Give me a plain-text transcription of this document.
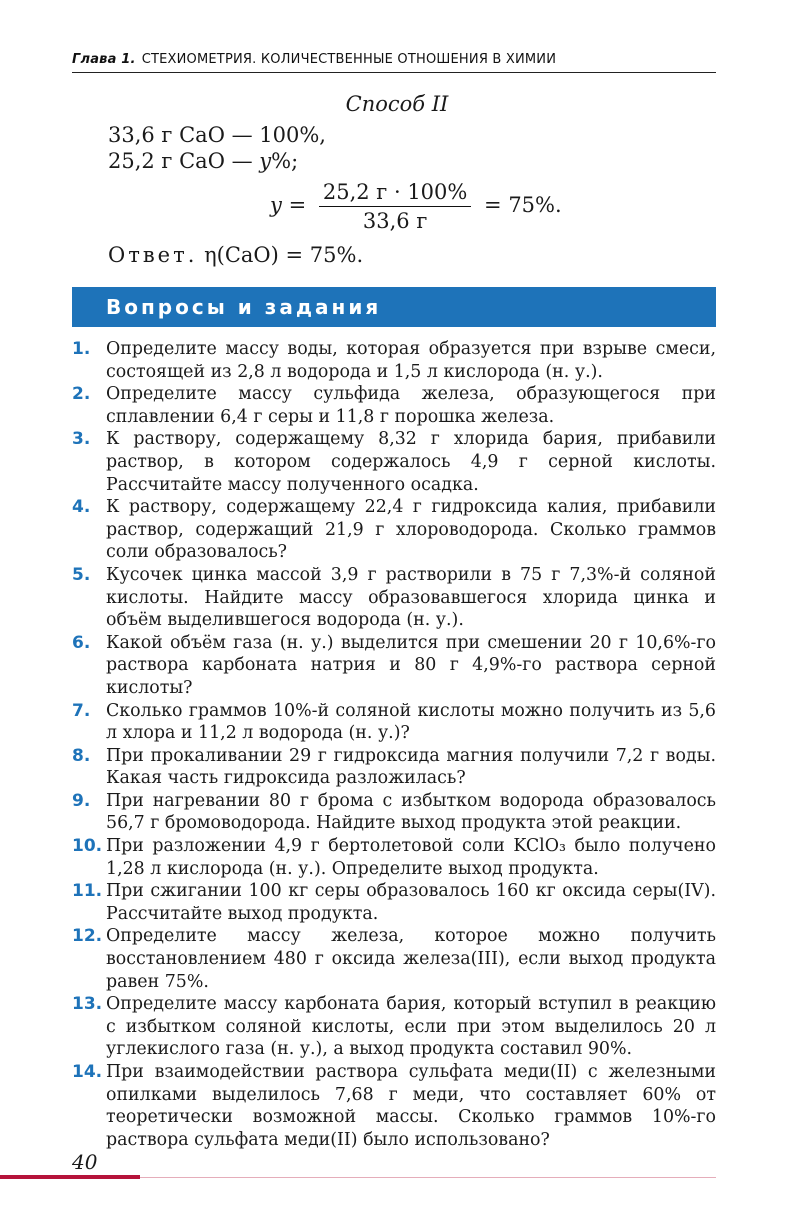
Глава 1. СТЕХИОМЕТРИЯ. КОЛИЧЕСТВЕННЫЕ ОТНОШЕНИЯ В ХИМИИ
Способ II
33,6 г CaO — 100%,
25,2 г CaO — y%;
$y = \frac{25,2 г \cdot 100\%}{33,6 г} = 75\%$.
Ответ. η(CaO) = 75%.
Вопросы и задания
1. Определите массу воды, которая образуется при взрыве смеси, состоящей из 2,8 л водорода и 1,5 л кислорода (н. у.).
2. Определите массу сульфида железа, образующегося при сплавлении 6,4 г серы и 11,8 г порошка железа.
3. К раствору, содержащему 8,32 г хлорида бария, прибавили раствор, в котором содержалось 4,9 г серной кислоты. Рассчитайте массу полученного осадка.
4. К раствору, содержащему 22,4 г гидроксида калия, прибавили раствор, содержащий 21,9 г хлороводорода. Сколько граммов соли образовалось?
5. Кусочек цинка массой 3,9 г растворили в 75 г 7,3%-й соляной кислоты. Найдите массу образовавшегося хлорида цинка и объём выделившегося водорода (н. у.).
6. Какой объём газа (н. у.) выделится при смешении 20 г 10,6%-го раствора карбоната натрия и 80 г 4,9%-го раствора серной кислоты?
7. Сколько граммов 10%-й соляной кислоты можно получить из 5,6 л хлора и 11,2 л водорода (н. у.)?
8. При прокаливании 29 г гидроксида магния получили 7,2 г воды. Какая часть гидроксида разложилась?
9. При нагревании 80 г брома с избытком водорода образовалось 56,7 г бромоводорода. Найдите выход продукта этой реакции.
10. При разложении 4,9 г бертолетовой соли KClO₃ было получено 1,28 л кислорода (н. у.). Определите выход продукта.
11. При сжигании 100 кг серы образовалось 160 кг оксида серы(IV). Рассчитайте выход продукта.
12. Определите массу железа, которое можно получить восстановлением 480 г оксида железа(III), если выход продукта равен 75%.
13. Определите массу карбоната бария, который вступил в реакцию с избытком соляной кислоты, если при этом выделилось 20 л углекислого газа (н. у.), а выход продукта составил 90%.
14. При взаимодействии раствора сульфата меди(II) с железными опилками выделилось 7,68 г меди, что составляет 60% от теоретически возможной массы. Сколько граммов 10%-го раствора сульфата меди(II) было использовано?
40
